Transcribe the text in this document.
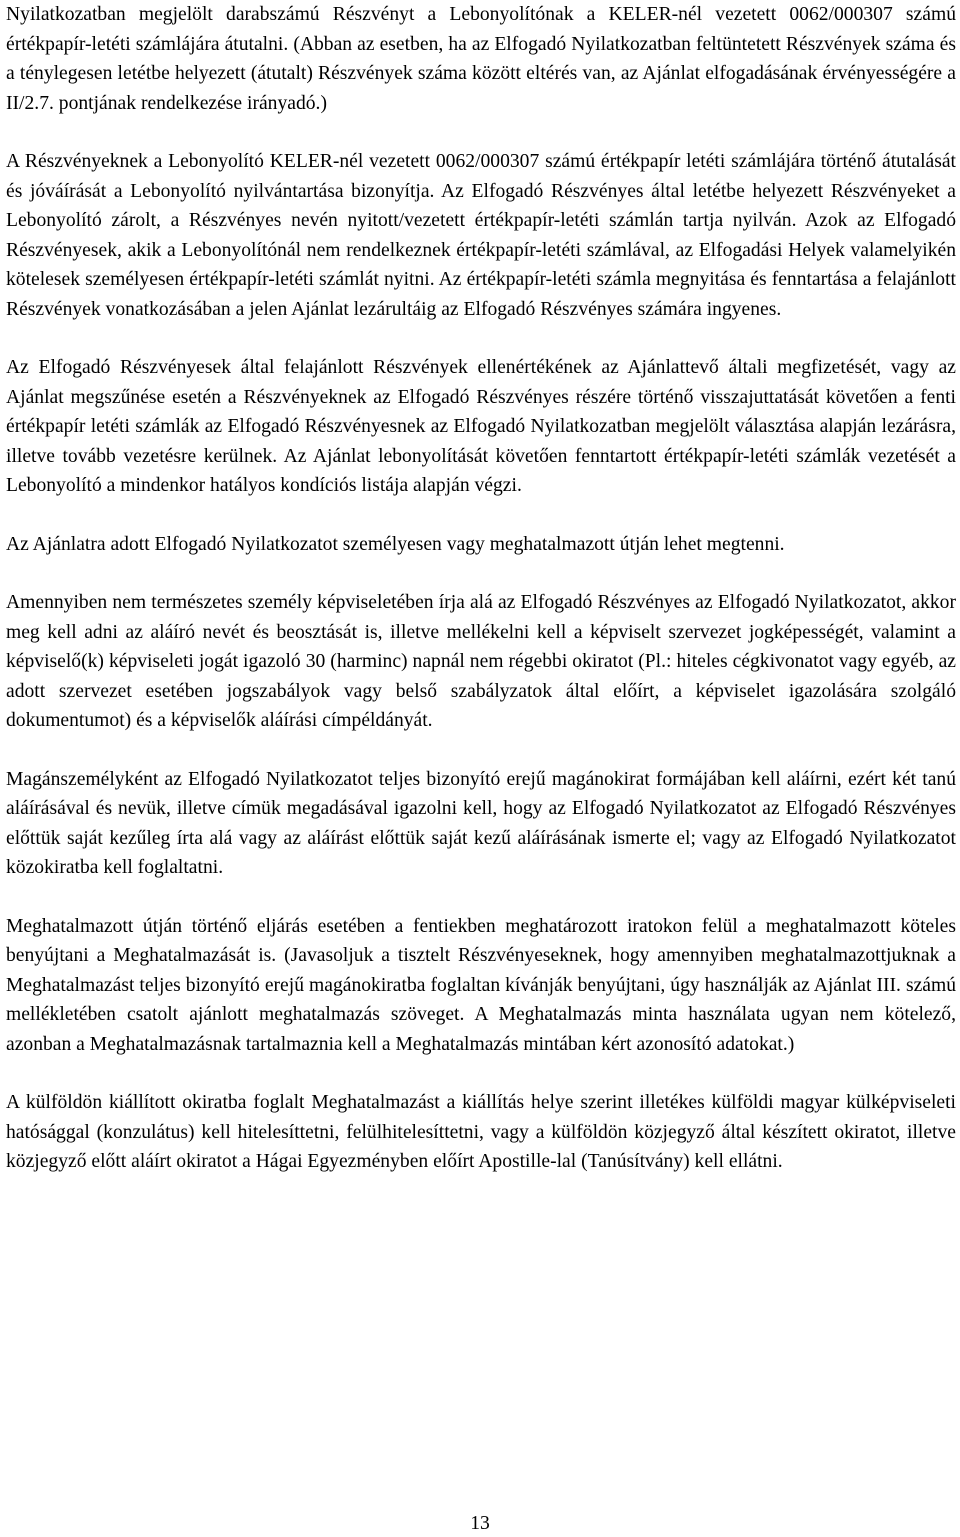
Nyilatkozatban megjelölt darabszámú Részvényt a Lebonyolítónak a KELER-nél vezetett 0062/000307 számú értékpapír-letéti számlájára átutalni. (Abban az esetben, ha az Elfogadó Nyilatkozatban feltüntetett Részvények száma és a ténylegesen letétbe helyezett (átutalt) Részvények száma között eltérés van, az Ajánlat elfogadásának érvényességére a II/2.7. pontjának rendelkezése irányadó.)

A Részvényeknek a Lebonyolító KELER-nél vezetett 0062/000307 számú értékpapír letéti számlájára történő átutalását és jóváírását a Lebonyolító nyilvántartása bizonyítja. Az Elfogadó Részvényes által letétbe helyezett Részvényeket a Lebonyolító zárolt, a Részvényes nevén nyitott/vezetett értékpapír-letéti számlán tartja nyilván. Azok az Elfogadó Részvényesek, akik a Lebonyolítónál nem rendelkeznek értékpapír-letéti számlával, az Elfogadási Helyek valamelyikén kötelesek személyesen értékpapír-letéti számlát nyitni. Az értékpapír-letéti számla megnyitása és fenntartása a felajánlott Részvények vonatkozásában a jelen Ajánlat lezárultáig az Elfogadó Részvényes számára ingyenes.

Az Elfogadó Részvényesek által felajánlott Részvények ellenértékének az Ajánlattevő általi megfizetését, vagy az Ajánlat megszűnése esetén a Részvényeknek az Elfogadó Részvényes részére történő visszajuttatását követően a fenti értékpapír letéti számlák az Elfogadó Részvényesnek az Elfogadó Nyilatkozatban megjelölt választása alapján lezárásra, illetve tovább vezetésre kerülnek. Az Ajánlat lebonyolítását követően fenntartott értékpapír-letéti számlák vezetését a Lebonyolító a mindenkor hatályos kondíciós listája alapján végzi.

Az Ajánlatra adott Elfogadó Nyilatkozatot személyesen vagy meghatalmazott útján lehet megtenni.

Amennyiben nem természetes személy képviseletében írja alá az Elfogadó Részvényes az Elfogadó Nyilatkozatot, akkor meg kell adni az aláíró nevét és beosztását is, illetve mellékelni kell a képviselt szervezet jogképességét, valamint a képviselő(k) képviseleti jogát igazoló 30 (harminc) napnál nem régebbi okiratot (Pl.: hiteles cégkivonatot vagy egyéb, az adott szervezet esetében jogszabályok vagy belső szabályzatok által előírt, a képviselet igazolására szolgáló dokumentumot) és a képviselők aláírási címpéldányát.

Magánszemélyként az Elfogadó Nyilatkozatot teljes bizonyító erejű magánokirat formájában kell aláírni, ezért két tanú aláírásával és nevük, illetve címük megadásával igazolni kell, hogy az Elfogadó Nyilatkozatot az Elfogadó Részvényes előttük saját kezűleg írta alá vagy az aláírást előttük saját kezű aláírásának ismerte el; vagy az Elfogadó Nyilatkozatot közokiratba kell foglaltatni.

Meghatalmazott útján történő eljárás esetében a fentiekben meghatározott iratokon felül a meghatalmazott köteles benyújtani a Meghatalmazását is. (Javasoljuk a tisztelt Részvényeseknek, hogy amennyiben meghatalmazottjuknak a Meghatalmazást teljes bizonyító erejű magánokiratba foglaltan kívánják benyújtani, úgy használják az Ajánlat III. számú mellékletében csatolt ajánlott meghatalmazás szöveget. A Meghatalmazás minta használata ugyan nem kötelező, azonban a Meghatalmazásnak tartalmaznia kell a Meghatalmazás mintában kért azonosító adatokat.)

A külföldön kiállított okiratba foglalt Meghatalmazást a kiállítás helye szerint illetékes külföldi magyar külképviseleti hatósággal (konzulátus) kell hitelesíttetni, felülhitelesíttetni, vagy a külföldön közjegyző által készített okiratot, illetve közjegyző előtt aláírt okiratot a Hágai Egyezményben előírt Apostille-lal (Tanúsítvány) kell ellátni.

13
